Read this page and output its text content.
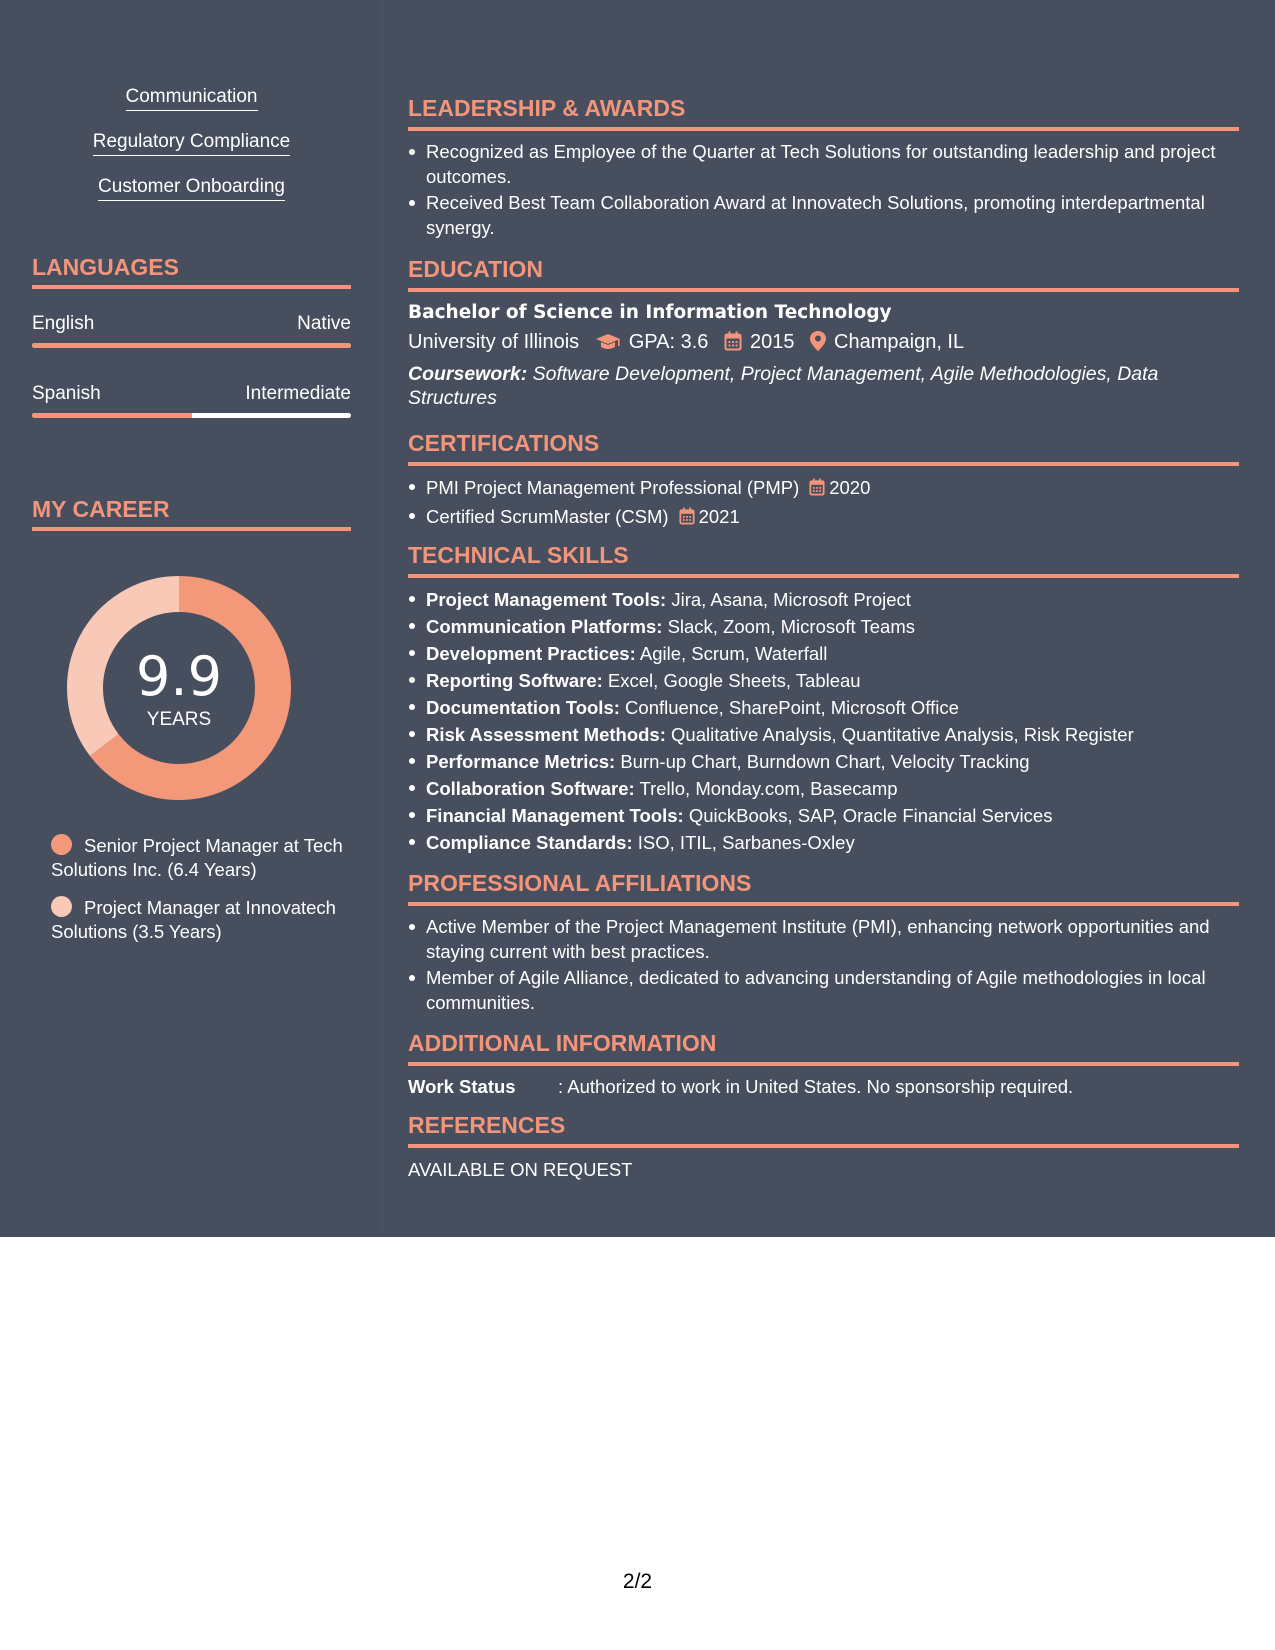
Communication
Regulatory Compliance
Customer Onboarding
LANGUAGES
English	Native
Spanish	Intermediate
MY CAREER
9.9
YEARS
Senior Project Manager at Tech Solutions Inc. (6.4 Years)
Project Manager at Innovatech Solutions (3.5 Years)
LEADERSHIP & AWARDS
Recognized as Employee of the Quarter at Tech Solutions for outstanding leadership and project outcomes.
Received Best Team Collaboration Award at Innovatech Solutions, promoting interdepartmental synergy.
EDUCATION
Bachelor of Science in Information Technology
University of Illinois GPA: 3.6 2015 Champaign, IL
Coursework: Software Development, Project Management, Agile Methodologies, Data Structures
CERTIFICATIONS
PMI Project Management Professional (PMP) 2020
Certified ScrumMaster (CSM) 2021
TECHNICAL SKILLS
Project Management Tools: Jira, Asana, Microsoft Project
Communication Platforms: Slack, Zoom, Microsoft Teams
Development Practices: Agile, Scrum, Waterfall
Reporting Software: Excel, Google Sheets, Tableau
Documentation Tools: Confluence, SharePoint, Microsoft Office
Risk Assessment Methods: Qualitative Analysis, Quantitative Analysis, Risk Register
Performance Metrics: Burn-up Chart, Burndown Chart, Velocity Tracking
Collaboration Software: Trello, Monday.com, Basecamp
Financial Management Tools: QuickBooks, SAP, Oracle Financial Services
Compliance Standards: ISO, ITIL, Sarbanes-Oxley
PROFESSIONAL AFFILIATIONS
Active Member of the Project Management Institute (PMI), enhancing network opportunities and staying current with best practices.
Member of Agile Alliance, dedicated to advancing understanding of Agile methodologies in local communities.
ADDITIONAL INFORMATION
Work Status : Authorized to work in United States. No sponsorship required.
REFERENCES
AVAILABLE ON REQUEST
2/2
